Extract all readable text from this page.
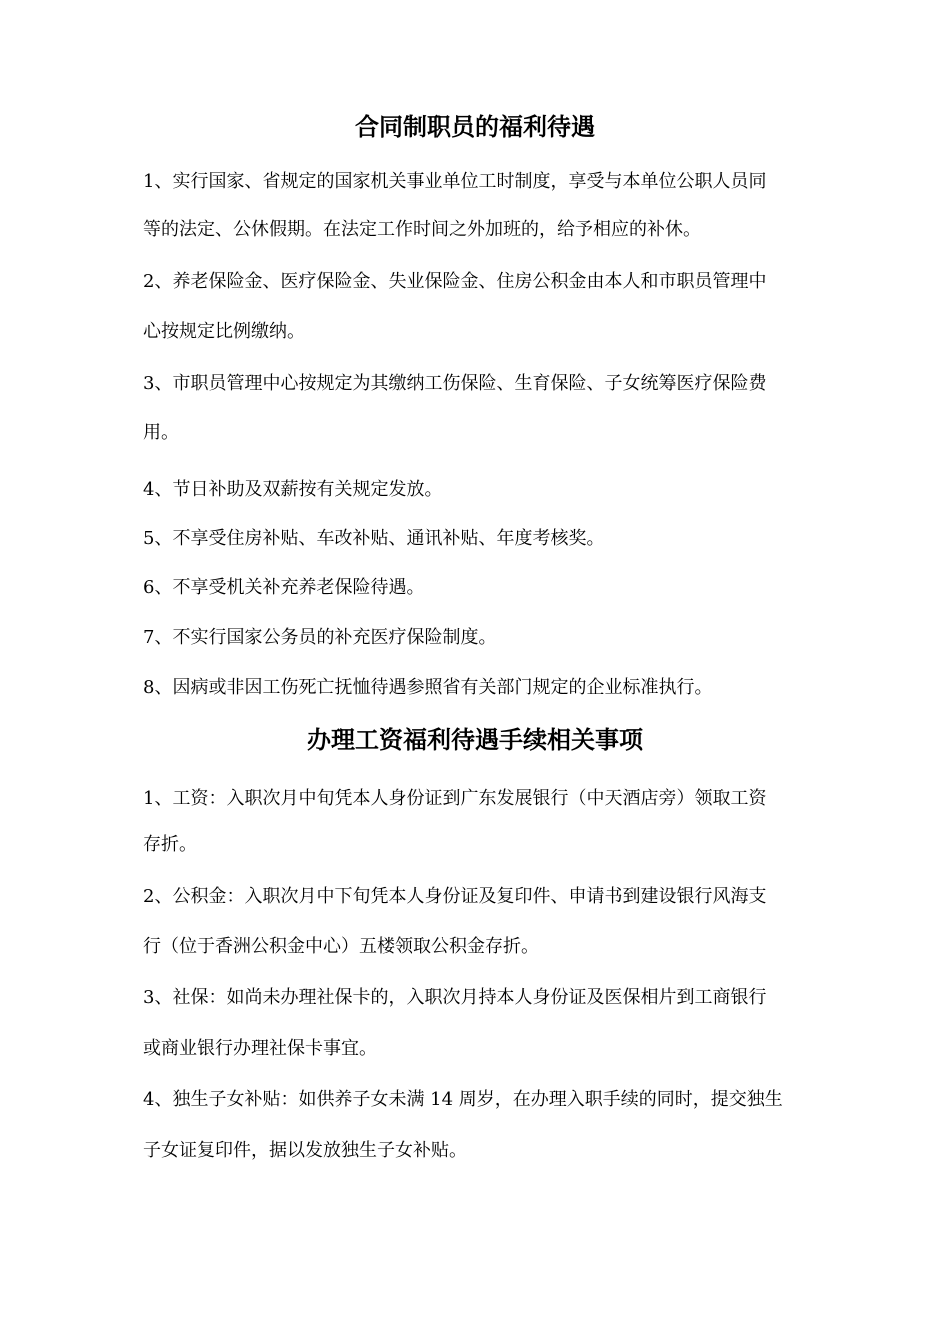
合同制职员的福利待遇

1、实行国家、省规定的国家机关事业单位工时制度，享受与本单位公职人员同

等的法定、公休假期。在法定工作时间之外加班的，给予相应的补休。

2、养老保险金、医疗保险金、失业保险金、住房公积金由本人和市职员管理中

心按规定比例缴纳。

3、市职员管理中心按规定为其缴纳工伤保险、生育保险、子女统筹医疗保险费

用。

4、节日补助及双薪按有关规定发放。

5、不享受住房补贴、车改补贴、通讯补贴、年度考核奖。

6、不享受机关补充养老保险待遇。

7、不实行国家公务员的补充医疗保险制度。

8、因病或非因工伤死亡抚恤待遇参照省有关部门规定的企业标准执行。

办理工资福利待遇手续相关事项

1、工资：入职次月中旬凭本人身份证到广东发展银行（中天酒店旁）领取工资

存折。

2、公积金：入职次月中下旬凭本人身份证及复印件、申请书到建设银行风海支

行（位于香洲公积金中心）五楼领取公积金存折。

3、社保：如尚未办理社保卡的，入职次月持本人身份证及医保相片到工商银行

或商业银行办理社保卡事宜。

4、独生子女补贴：如供养子女未满 14 周岁，在办理入职手续的同时，提交独生

子女证复印件，据以发放独生子女补贴。
